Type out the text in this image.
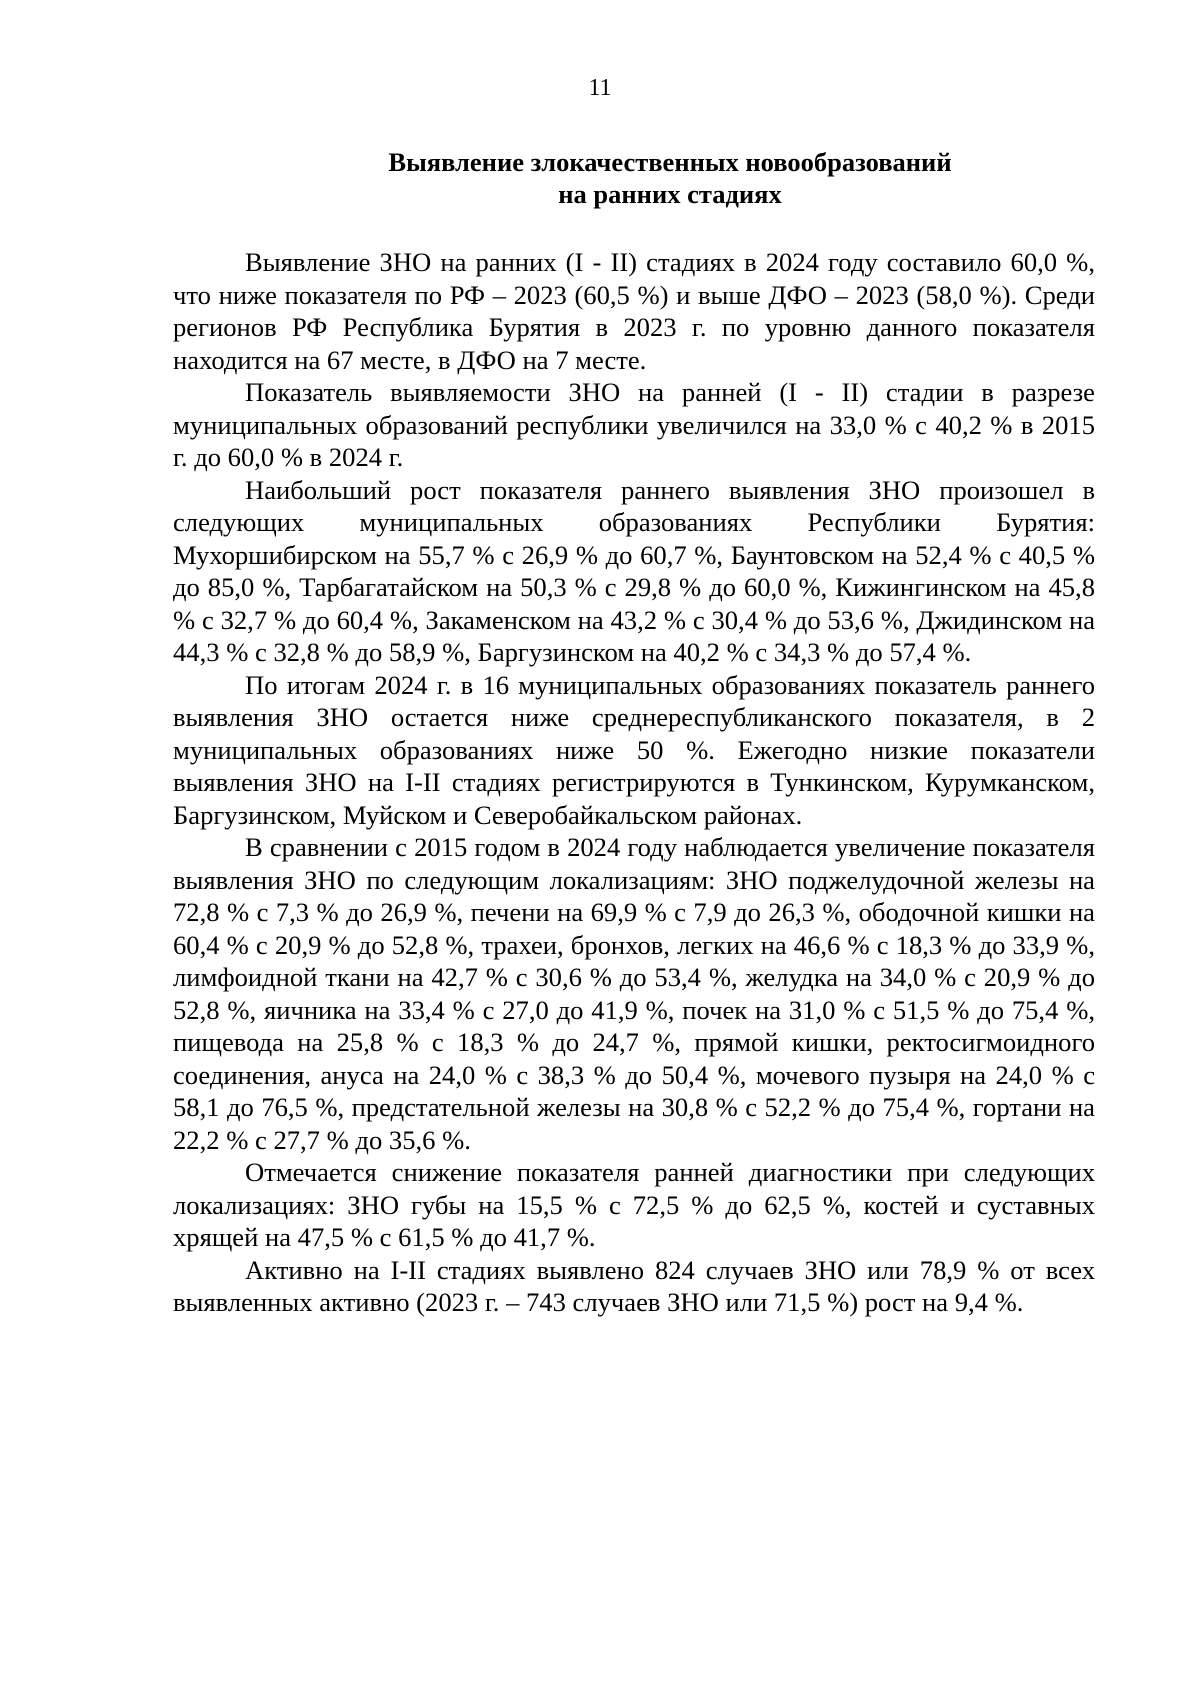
11
Выявление злокачественных новообразований
на ранних стадиях

Выявление ЗНО на ранних (I - II) стадиях в 2024 году составило 60,0 %, что ниже показателя по РФ – 2023 (60,5 %) и выше ДФО – 2023 (58,0 %). Среди регионов РФ Республика Бурятия в 2023 г. по уровню данного показателя находится на 67 месте, в ДФО на 7 месте.

Показатель выявляемости ЗНО на ранней (I - II) стадии в разрезе муниципальных образований республики увеличился на 33,0 % с 40,2 % в 2015 г. до 60,0 % в 2024 г.

Наибольший рост показателя раннего выявления ЗНО произошел в следующих муниципальных образованиях Республики Бурятия: Мухоршибирском на 55,7 % с 26,9 % до 60,7 %, Баунтовском на 52,4 % с 40,5 % до 85,0 %, Тарбагатайском на 50,3 % с 29,8 % до 60,0 %, Кижингинском на 45,8 % с 32,7 % до 60,4 %, Закаменском на 43,2 % с 30,4 % до 53,6 %, Джидинском на 44,3 % с 32,8 % до 58,9 %, Баргузинском на 40,2 % с 34,3 % до 57,4 %.

По итогам 2024 г. в 16 муниципальных образованиях показатель раннего выявления ЗНО остается ниже среднереспубликанского показателя, в 2 муниципальных образованиях ниже 50 %. Ежегодно низкие показатели выявления ЗНО на I-II стадиях регистрируются в Тункинском, Курумканском, Баргузинском, Муйском и Северобайкальском районах.

В сравнении с 2015 годом в 2024 году наблюдается увеличение показателя выявления ЗНО по следующим локализациям: ЗНО поджелудочной железы на 72,8 % с 7,3 % до 26,9 %, печени на 69,9 % с 7,9 до 26,3 %, ободочной кишки на 60,4 % с 20,9 % до 52,8 %, трахеи, бронхов, легких на 46,6 % с 18,3 % до 33,9 %, лимфоидной ткани на 42,7 % с 30,6 % до 53,4 %, желудка на 34,0 % с 20,9 % до 52,8 %, яичника на 33,4 % с 27,0 до 41,9 %, почек на 31,0 % с 51,5 % до 75,4 %, пищевода на 25,8 % с 18,3 % до 24,7 %, прямой кишки, ректосигмоидного соединения, ануса на 24,0 % с 38,3 % до 50,4 %, мочевого пузыря на 24,0 % с 58,1 до 76,5 %, предстательной железы на 30,8 % с 52,2 % до 75,4 %, гортани на 22,2 % с 27,7 % до 35,6 %.

Отмечается снижение показателя ранней диагностики при следующих локализациях: ЗНО губы на 15,5 % с 72,5 % до 62,5 %, костей и суставных хрящей на 47,5 % с 61,5 % до 41,7 %.

Активно на I-II стадиях выявлено 824 случаев ЗНО или 78,9 % от всех выявленных активно (2023 г. – 743 случаев ЗНО или 71,5 %) рост на 9,4 %.
